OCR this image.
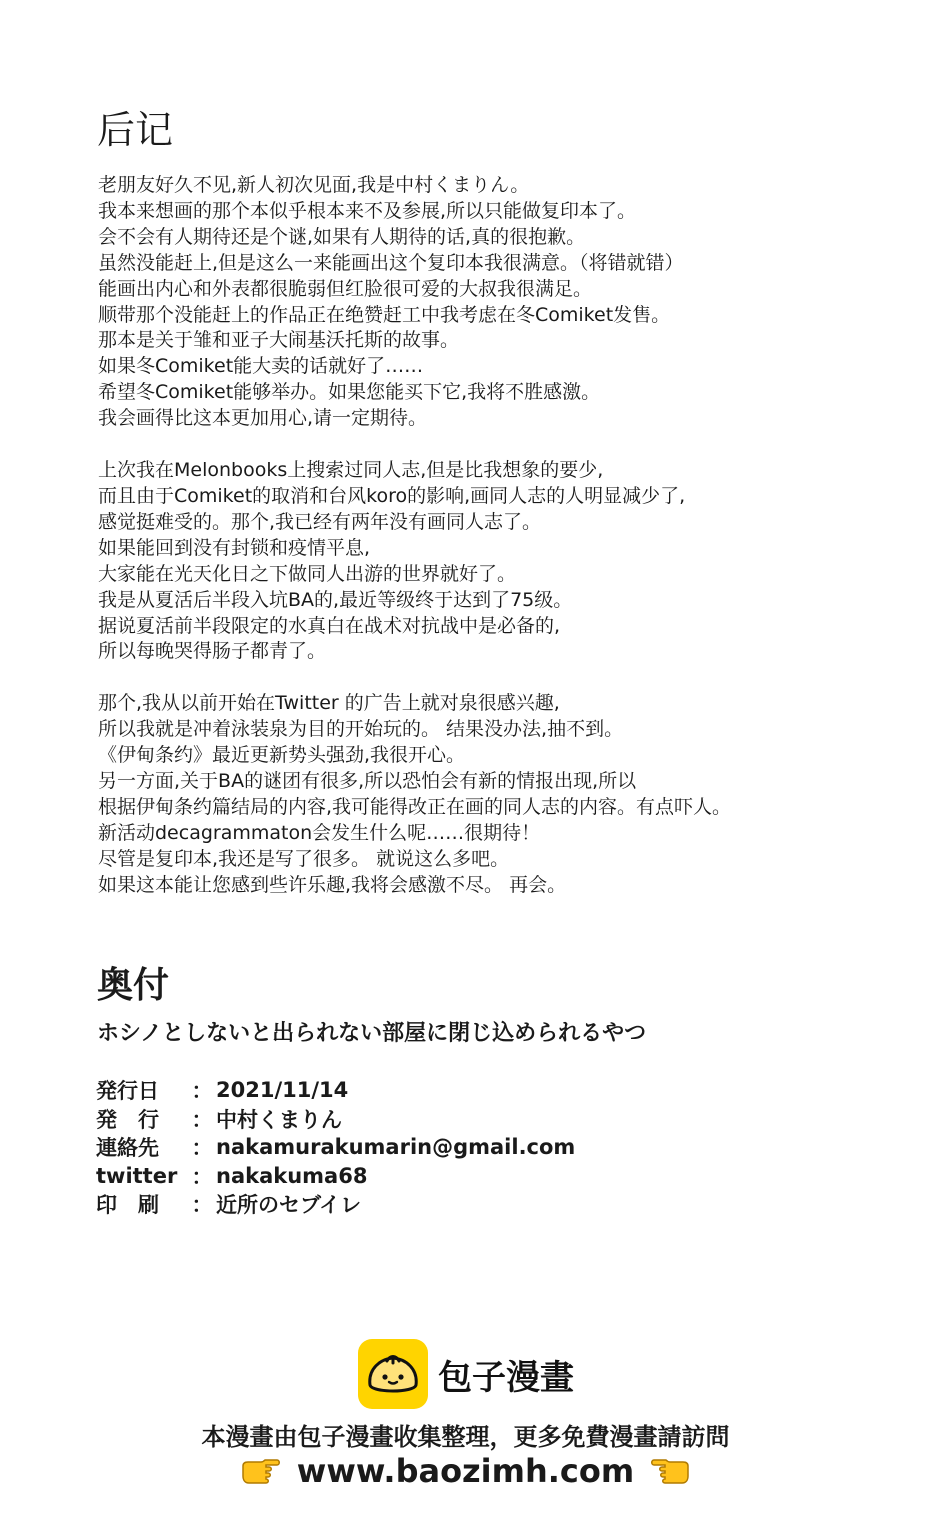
后记
老朋友好久不见,新人初次见面,我是中村くまりん。
我本来想画的那个本似乎根本来不及参展,所以只能做复印本了。
会不会有人期待还是个谜,如果有人期待的话,真的很抱歉。
虽然没能赶上,但是这么一来能画出这个复印本我很满意。（将错就错）
能画出内心和外表都很脆弱但红脸很可爱的大叔我很满足。
顺带那个没能赶上的作品正在绝赞赶工中我考虑在冬Comiket发售。
那本是关于雏和亚子大闹基沃托斯的故事。
如果冬Comiket能大卖的话就好了……
希望冬Comiket能够举办。如果您能买下它,我将不胜感激。
我会画得比这本更加用心,请一定期待。
上次我在Melonbooks上搜索过同人志,但是比我想象的要少,
而且由于Comiket的取消和台风koro的影响,画同人志的人明显减少了,
感觉挺难受的。那个,我已经有两年没有画同人志了。
如果能回到没有封锁和疫情平息,
大家能在光天化日之下做同人出游的世界就好了。
我是从夏活后半段入坑BA的,最近等级终于达到了75级。
据说夏活前半段限定的水真白在战术对抗战中是必备的,
所以每晚哭得肠子都青了。
那个,我从以前开始在Twitter 的广告上就对泉很感兴趣,
所以我就是冲着泳装泉为目的开始玩的。 结果没办法,抽不到。
《伊甸条约》最近更新势头强劲,我很开心。
另一方面,关于BA的谜团有很多,所以恐怕会有新的情报出现,所以
根据伊甸条约篇结局的内容,我可能得改正在画的同人志的内容。有点吓人。
新活动decagrammaton会发生什么呢……很期待！
尽管是复印本,我还是写了很多。 就说这么多吧。
如果这本能让您感到些许乐趣,我将会感激不尽。 再会。
奥付
ホシノとしないと出られない部屋に閉じ込められるやつ
発行日	： 2021/11/14
発　行	： 中村くまりん
連絡先	： nakamurakumarin@gmail.com
twitter ： nakakuma68
印　刷	： 近所のセブイレ
包子漫畫
本漫畫由包子漫畫收集整理，更多免費漫畫請訪問
www.baozimh.com
